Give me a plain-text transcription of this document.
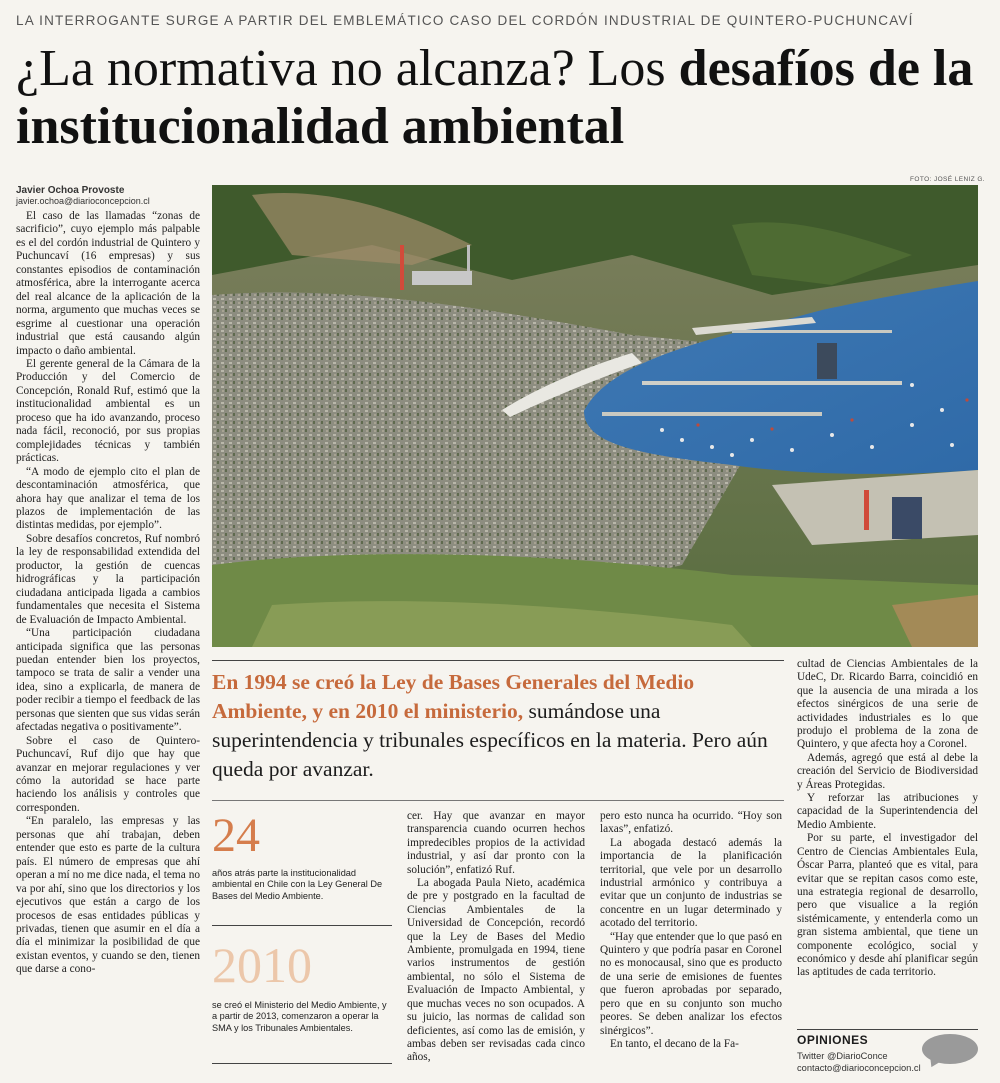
LA INTERROGANTE SURGE A PARTIR DEL EMBLEMÁTICO CASO DEL CORDÓN INDUSTRIAL DE QUINTERO-PUCHUNCAVÍ
¿La normativa no alcanza? Los desafíos de la institucionalidad ambiental
Javier Ochoa Provoste
javier.ochoa@diarioconcepcion.cl

El caso de las llamadas “zonas de sacrificio”, cuyo ejemplo más palpable es el del cordón industrial de Quintero y Puchuncaví (16 empresas) y sus constantes episodios de contaminación atmosférica, abre la interrogante acerca del real alcance de la aplicación de la norma, argumento que muchas veces se esgrime al cuestionar una operación industrial que está causando algún impacto o daño ambiental.

El gerente general de la Cámara de la Producción y del Comercio de Concepción, Ronald Ruf, estimó que la institucionalidad ambiental es un proceso que ha ido avanzando, proceso nada fácil, reconoció, por sus propias complejidades técnicas y también prácticas.

“A modo de ejemplo cito el plan de descontaminación atmosférica, que ahora hay que analizar el tema de los plazos de implementación de las distintas medidas, por ejemplo”.

Sobre desafíos concretos, Ruf nombró la ley de responsabilidad extendida del productor, la gestión de cuencas hidrográficas y la participación ciudadana anticipada ligada a cambios fundamentales que necesita el Sistema de Evaluación de Impacto Ambiental.

“Una participación ciudadana anticipada significa que las personas puedan entender bien los proyectos, tampoco se trata de salir a vender una idea, sino a explicarla, de manera de poder recibir a tiempo el feedback de las personas que sienten que sus vidas serán afectadas negativa o positivamente”.

Sobre el caso de Quintero-Puchuncaví, Ruf dijo que hay que avanzar en mejorar regulaciones y ver cómo la autoridad se hace parte haciendo los análisis y controles que corresponden.

“En paralelo, las empresas y las personas que ahí trabajan, deben entender que esto es parte de la cultura país. El número de empresas que ahí operan a mí no me dice nada, el tema no va por ahí, sino que los directorios y los ejecutivos que están a cargo de los procesos de esas entidades públicas y privadas, tienen que asumir en el día a día el minimizar la posibilidad de que existan eventos, y cuando se den, tienen que darse a cono-

FOTO: JOSÉ LENIZ G.
En 1994 se creó la Ley de Bases Generales del Medio Ambiente, y en 2010 el ministerio, sumándose una superintendencia y tribunales específicos en la materia. Pero aún queda por avanzar.
24
años atrás parte la institucionalidad ambiental en Chile con la Ley General De Bases del Medio Ambiente.
2010
se creó el Ministerio del Medio Ambiente, y a partir de 2013, comenzaron a operar la SMA y los Tribunales Ambientales.

cer. Hay que avanzar en mayor transparencia cuando ocurren hechos impredecibles propios de la actividad industrial, y así dar pronto con la solución”, enfatizó Ruf.

La abogada Paula Nieto, académica de pre y postgrado en la facultad de Ciencias Ambientales de la Universidad de Concepción, recordó que la Ley de Bases del Medio Ambiente, promulgada en 1994, tiene varios instrumentos de gestión ambiental, no sólo el Sistema de Evaluación de Impacto Ambiental, y que muchas veces no son ocupados. A su juicio, las normas de calidad son deficientes, así como las de emisión, y ambas deben ser revisadas cada cinco años,

pero esto nunca ha ocurrido. “Hoy son laxas”, enfatizó.

La abogada destacó además la importancia de la planificación territorial, que vele por un desarrollo industrial armónico y contribuya a evitar que un conjunto de industrias se concentre en un lugar determinado y acotado del territorio.

“Hay que entender que lo que pasó en Quintero y que podría pasar en Coronel no es monocausal, sino que es producto de una serie de emisiones de fuentes que fueron aprobadas por separado, pero que en su conjunto son mucho peores. Se deben analizar los efectos sinérgicos”.

En tanto, el decano de la Fa-

cultad de Ciencias Ambientales de la UdeC, Dr. Ricardo Barra, coincidió en que la ausencia de una mirada a los efectos sinérgicos de una serie de actividades industriales es lo que produjo el problema de la zona de Quintero, y que afecta hoy a Coronel.

Además, agregó que está al debe la creación del Servicio de Biodiversidad y Áreas Protegidas.

Y reforzar las atribuciones y capacidad de la Superintendencia del Medio Ambiente.

Por su parte, el investigador del Centro de Ciencias Ambientales Eula, Óscar Parra, planteó que es vital, para evitar que se repitan casos como este, una estrategia regional de desarrollo, pero que visualice a la región sistémicamente, y entenderla como un gran sistema ambiental, que tiene un componente ecológico, social y económico y desde ahí planificar según las aptitudes de cada territorio.

OPINIONES
Twitter @DiarioConce
contacto@diarioconcepcion.cl
